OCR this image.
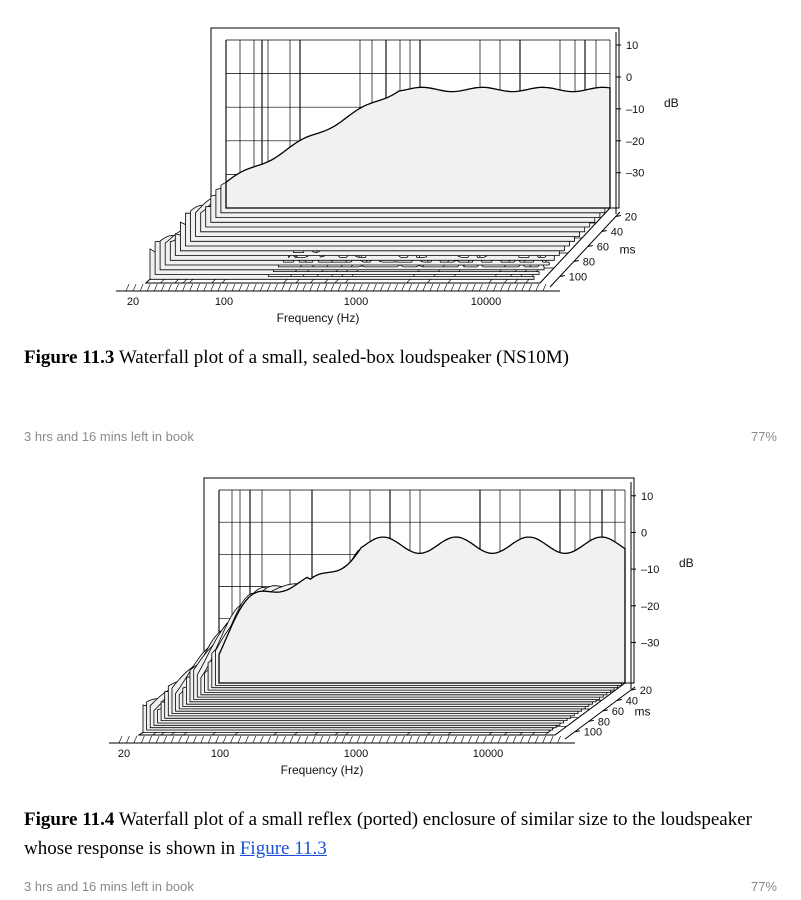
10
0
–10
–20
–30
dB
20
40
60
80
100
ms
20	100	1000	10000
Frequency (Hz)
Figure 11.3 Waterfall plot of a small, sealed-box loudspeaker (NS10M)
3 hrs and 16 mins left in book	77%
10
0
–10
–20
–30
dB
20
40
60
80
100
ms
20	100	1000	10000
Frequency (Hz)
Figure 11.4 Waterfall plot of a small reflex (ported) enclosure of similar size to the loudspeaker whose response is shown in Figure 11.3
3 hrs and 16 mins left in book	77%
